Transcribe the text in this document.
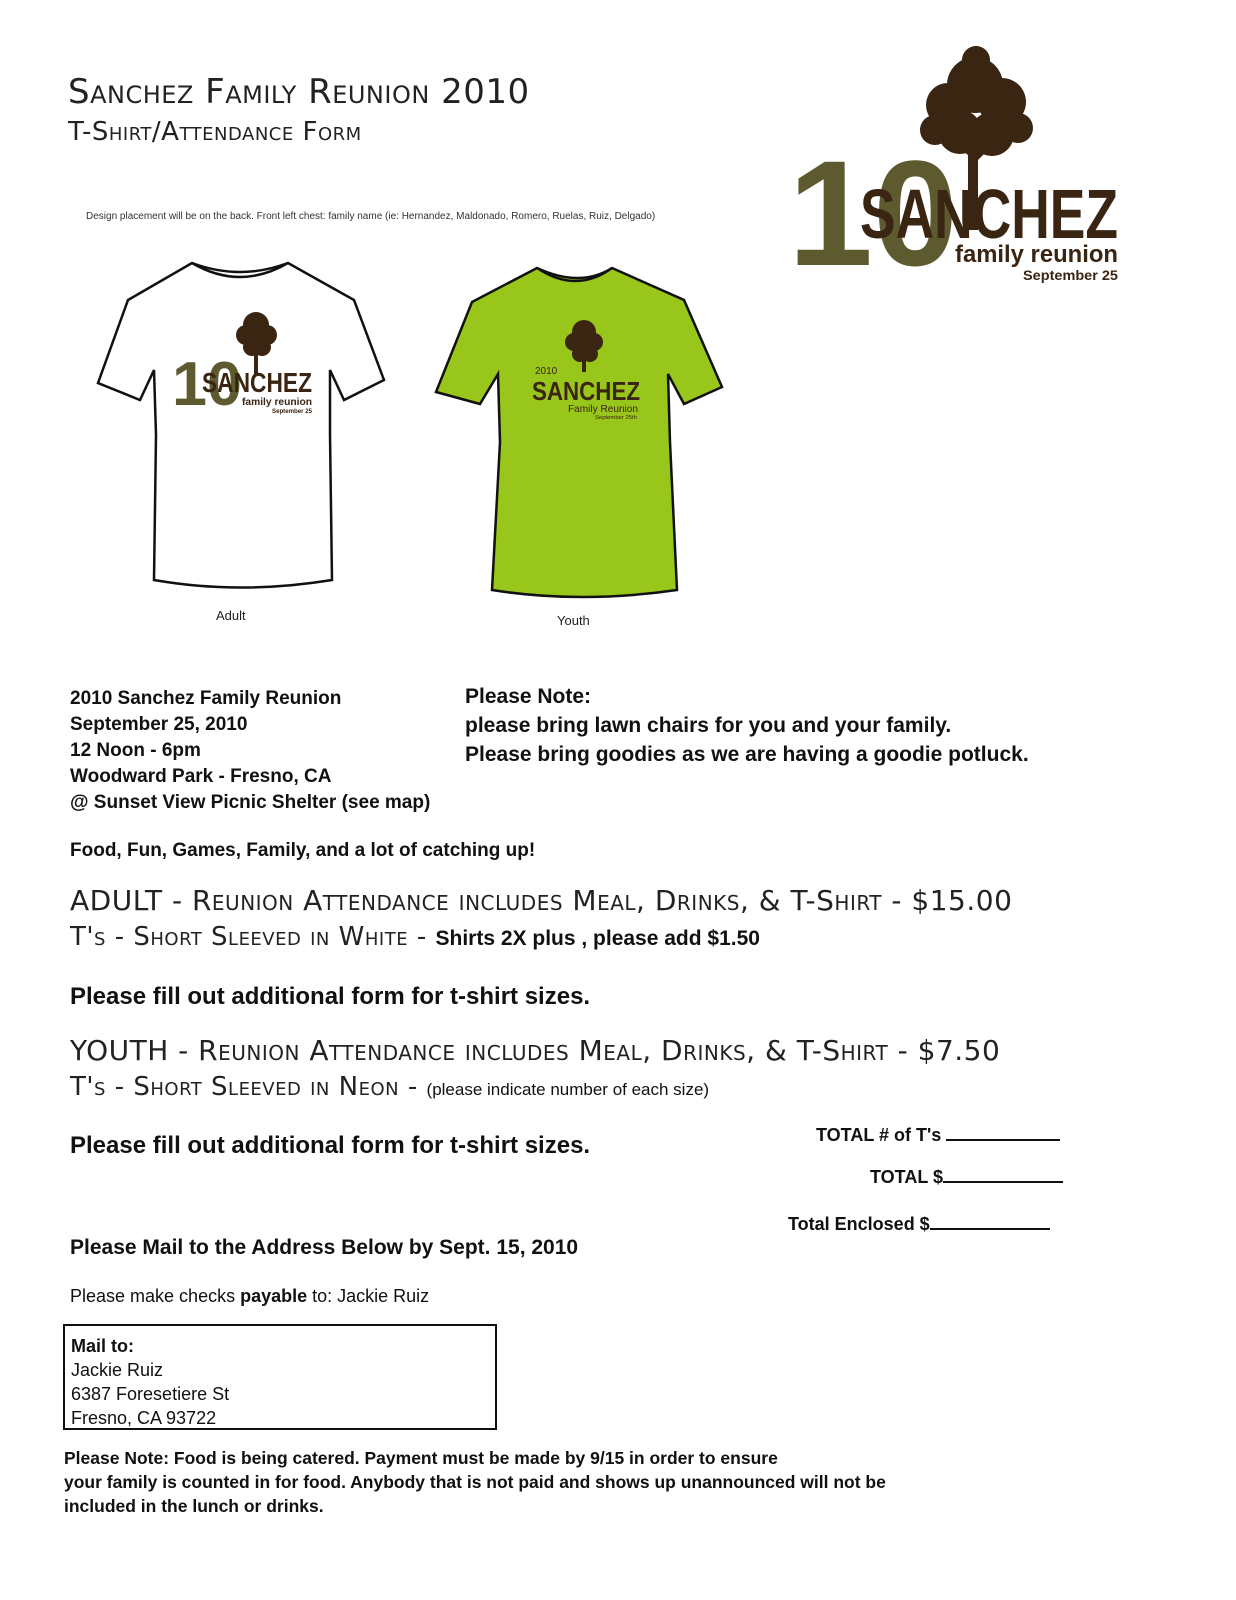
Sanchez Family Reunion 2010
T-Shirt/Attendance Form
Design placement will be on the back. Front left chest: family name (ie: Hernandez, Maldonado, Romero, Ruelas, Ruiz, Delgado) 10
SANCHEZ
family reunion
September 25
10
SANCHEZ
family reunion
September 25
Adult
2010
SANCHEZ
Family Reunion
September 25th
Youth
2010 Sanchez Family Reunion
September 25, 2010
12 Noon - 6pm
Woodward Park - Fresno, CA
@ Sunset View Picnic Shelter (see map)
Please Note:
please bring lawn chairs for you and your family.
Please bring goodies as we are having a goodie potluck.
Food, Fun, Games, Family, and a lot of catching up!
ADULT - Reunion Attendance includes Meal, Drinks, & T-Shirt - $15.00
T's - Short Sleeved in White - Shirts 2X plus , please add $1.50
Please fill out additional form for t-shirt sizes.
YOUTH - Reunion Attendance includes Meal, Drinks, & T-Shirt - $7.50
T's - Short Sleeved in Neon - (please indicate number of each size)
Please fill out additional form for t-shirt sizes.	TOTAL # of T's
TOTAL $
Total Enclosed $
Please Mail to the Address Below by Sept. 15, 2010
Please make checks payable to: Jackie Ruiz
Mail to:
Jackie Ruiz
6387 Foresetiere St
Fresno, CA 93722
Please Note: Food is being catered. Payment must be made by 9/15 in order to ensure
your family is counted in for food. Anybody that is not paid and shows up unannounced will not be
included in the lunch or drinks.
